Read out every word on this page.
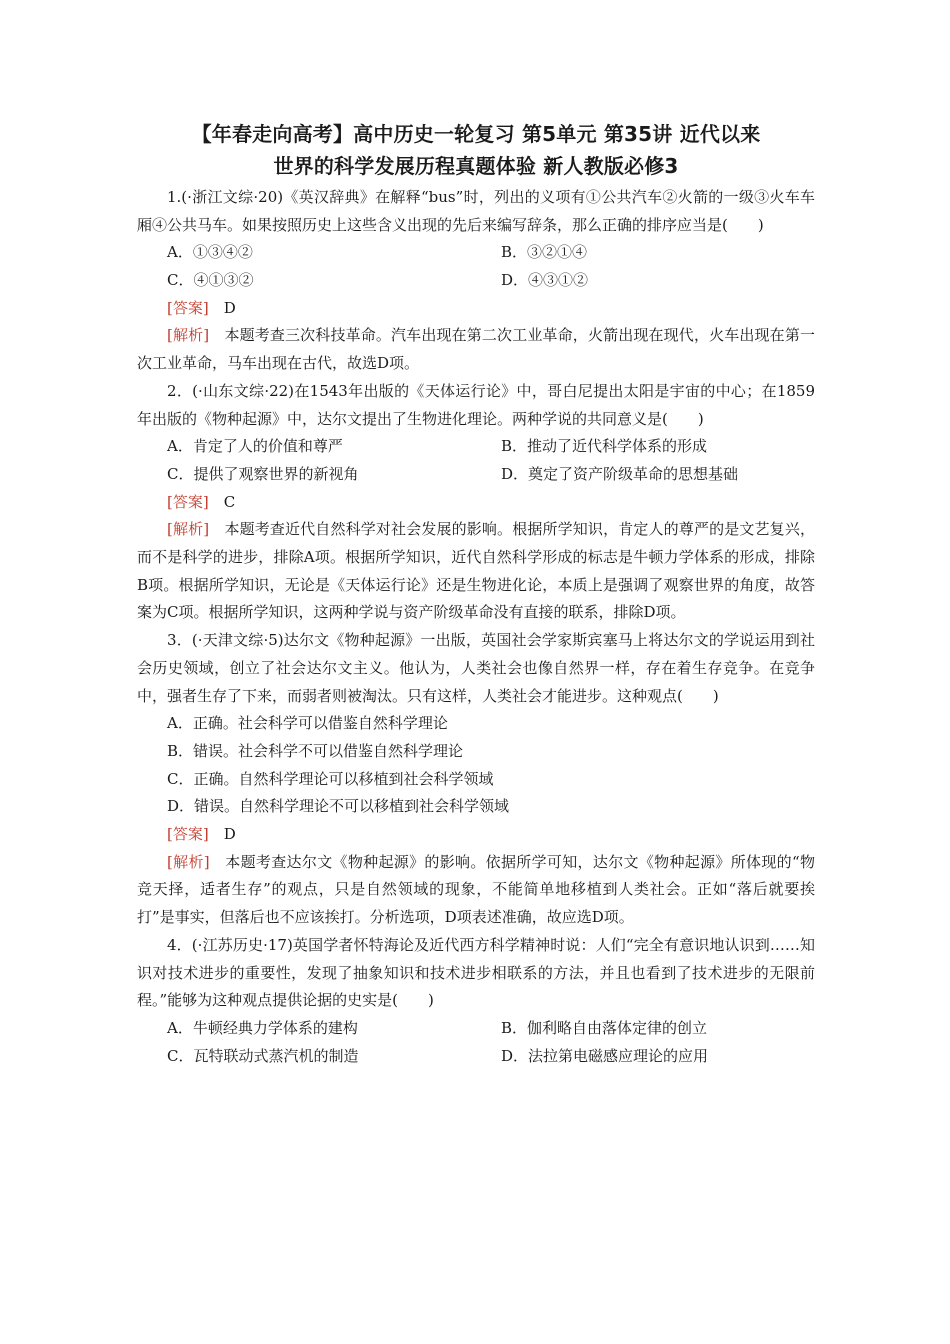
【年春走向高考】高中历史一轮复习 第5单元 第35讲 近代以来
世界的科学发展历程真题体验 新人教版必修3

1.(·浙江文综·20)《英汉辞典》在解释“bus”时，列出的义项有①公共汽车②火箭的一级③火车车厢④公共马车。如果按照历史上这些含义出现的先后来编写辞条，那么正确的排序应当是(　　)

A．①③④②	B．③②①④
C．④①③②	D．④③①②

[答案]　 D

[解析]　 本题考查三次科技革命。汽车出现在第二次工业革命，火箭出现在现代，火车出现在第一次工业革命，马车出现在古代，故选D项。

2．(·山东文综·22)在1543年出版的《天体运行论》中，哥白尼提出太阳是宇宙的中心；在1859年出版的《物种起源》中，达尔文提出了生物进化理论。两种学说的共同意义是(　　)

A．肯定了人的价值和尊严	B．推动了近代科学体系的形成
C．提供了观察世界的新视角	D．奠定了资产阶级革命的思想基础

[答案]　 C

[解析]　 本题考查近代自然科学对社会发展的影响。根据所学知识，肯定人的尊严的是文艺复兴，而不是科学的进步，排除A项。根据所学知识，近代自然科学形成的标志是牛顿力学体系的形成，排除B项。根据所学知识，无论是《天体运行论》还是生物进化论，本质上是强调了观察世界的角度，故答案为C项。根据所学知识，这两种学说与资产阶级革命没有直接的联系，排除D项。

3．(·天津文综·5)达尔文《物种起源》一出版，英国社会学家斯宾塞马上将达尔文的学说运用到社会历史领域，创立了社会达尔文主义。他认为，人类社会也像自然界一样，存在着生存竞争。在竞争中，强者生存了下来，而弱者则被淘汰。只有这样，人类社会才能进步。这种观点(　　)

A．正确。社会科学可以借鉴自然科学理论
B．错误。社会科学不可以借鉴自然科学理论
C．正确。自然科学理论可以移植到社会科学领域
D．错误。自然科学理论不可以移植到社会科学领域

[答案]　 D

[解析]　 本题考查达尔文《物种起源》的影响。依据所学可知，达尔文《物种起源》所体现的“物竞天择，适者生存”的观点，只是自然领域的现象，不能简单地移植到人类社会。正如“落后就要挨打”是事实，但落后也不应该挨打。分析选项，D项表述准确，故应选D项。

4．(·江苏历史·17)英国学者怀特海论及近代西方科学精神时说：人们“完全有意识地认识到……知识对技术进步的重要性，发现了抽象知识和技术进步相联系的方法，并且也看到了技术进步的无限前程。”能够为这种观点提供论据的史实是(　　)

A．牛顿经典力学体系的建构	B．伽利略自由落体定律的创立
C．瓦特联动式蒸汽机的制造	D．法拉第电磁感应理论的应用
